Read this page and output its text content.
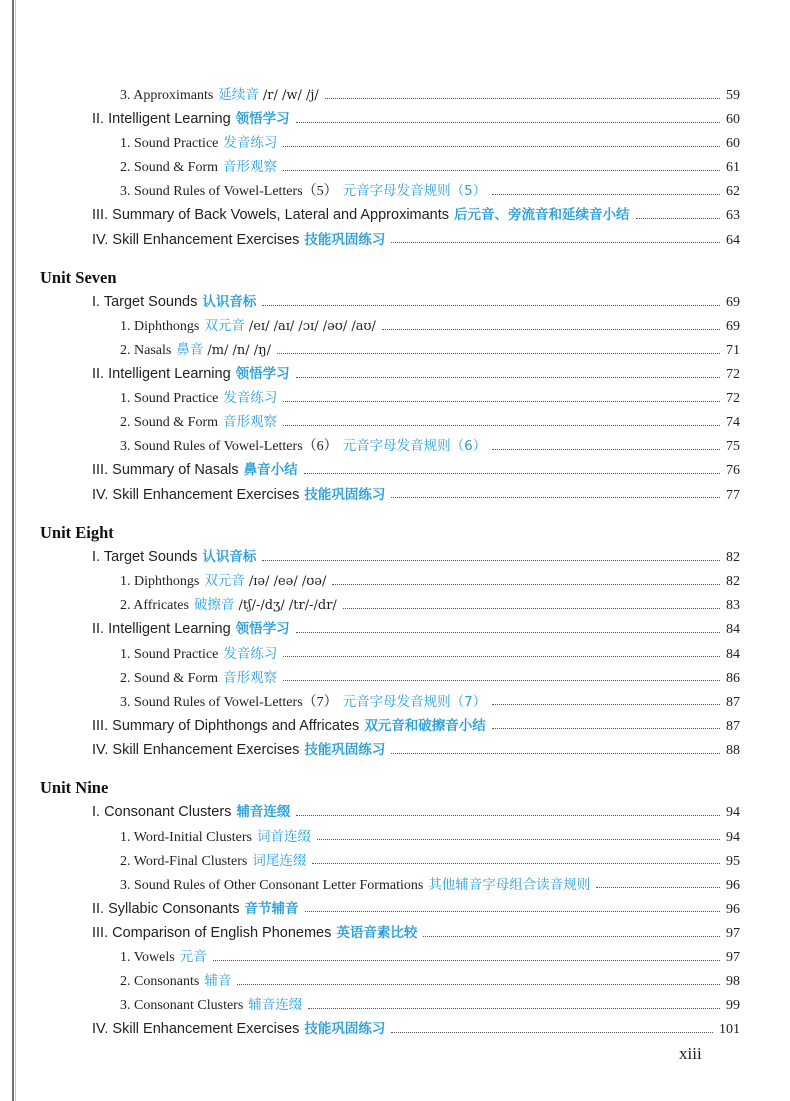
3. Approximants 延续音 /r/ /w/ /j/	59
II. Intelligent Learning 领悟学习	60
1. Sound Practice 发音练习	60
2. Sound & Form 音形观察	61
3. Sound Rules of Vowel-Letters（5） 元音字母发音规则（5）	62
III. Summary of Back Vowels, Lateral and Approximants 后元音、旁流音和延续音小结	63
IV. Skill Enhancement Exercises 技能巩固练习	64
Unit Seven
I. Target Sounds 认识音标	69
1. Diphthongs 双元音 /eɪ/ /aɪ/ /ɔɪ/ /əʊ/ /aʊ/	69
2. Nasals 鼻音 /m/ /n/ /ŋ/	71
II. Intelligent Learning 领悟学习	72
1. Sound Practice 发音练习	72
2. Sound & Form 音形观察	74
3. Sound Rules of Vowel-Letters（6） 元音字母发音规则（6）	75
III. Summary of Nasals 鼻音小结	76
IV. Skill Enhancement Exercises 技能巩固练习	77
Unit Eight
I. Target Sounds 认识音标	82
1. Diphthongs 双元音 /ɪə/ /eə/ /ʊə/	82
2. Affricates 破擦音 /tʃ/-/dʒ/ /tr/-/dr/	83
II. Intelligent Learning 领悟学习	84
1. Sound Practice 发音练习	84
2. Sound & Form 音形观察	86
3. Sound Rules of Vowel-Letters（7） 元音字母发音规则（7）	87
III. Summary of Diphthongs and Affricates 双元音和破擦音小结	87
IV. Skill Enhancement Exercises 技能巩固练习	88
Unit Nine
I. Consonant Clusters 辅音连缀	94
1. Word-Initial Clusters 词首连缀	94
2. Word-Final Clusters 词尾连缀	95
3. Sound Rules of Other Consonant Letter Formations 其他辅音字母组合读音规则	96
II. Syllabic Consonants 音节辅音	96
III. Comparison of English Phonemes 英语音素比较	97
1. Vowels 元音	97
2. Consonants 辅音	98
3. Consonant Clusters 辅音连缀	99
IV. Skill Enhancement Exercises 技能巩固练习	101
xiii
